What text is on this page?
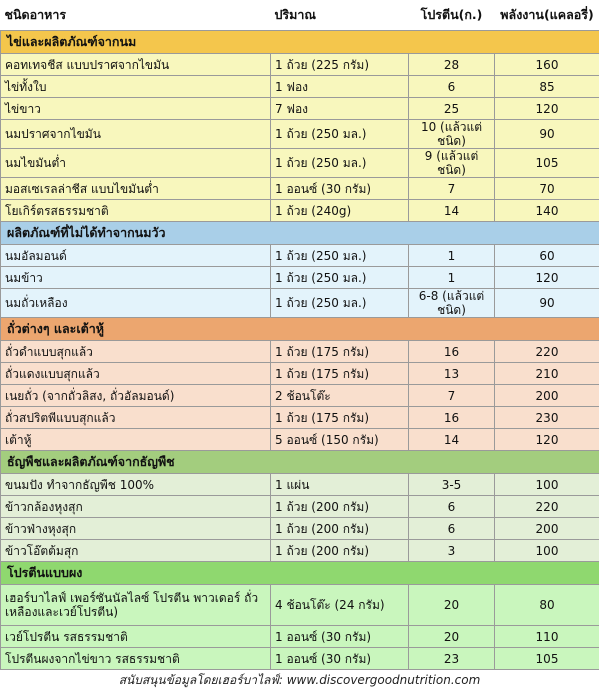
ชนิดอาหาร	ปริมาณ	โปรตีน(ก.)	พลังงาน(แคลอรี่)
ไข่และผลิตภัณฑ์จากนม			
คอทเทจชีส แบบปราศจากไขมัน	1 ถ้วย (225 กรัม)	28	160
ไข่ทั้งใบ	1 ฟอง	6	85
ไข่ขาว	7 ฟอง	25	120
นมปราศจากไขมัน	1 ถ้วย (250 มล.)	10 (แล้วแต่ชนิด)	90
นมไขมันต่ำ	1 ถ้วย (250 มล.)	9 (แล้วแต่ชนิด)	105
มอสเซเรลล่าชีส แบบไขมันต่ำ	1 ออนซ์ (30 กรัม)	7	70
โยเกิร์ตรสธรรมชาติ	1 ถ้วย (240g)	14	140
ผลิตภัณฑ์ที่ไม่ได้ทำจากนมวัว			
นมอัลมอนด์	1 ถ้วย (250 มล.)	1	60
นมข้าว	1 ถ้วย (250 มล.)	1	120
นมถั่วเหลือง	1 ถ้วย (250 มล.)	6-8 (แล้วแต่ชนิด)	90
ถั่วต่างๆ และเต้าหู้			
ถั่วดำแบบสุกแล้ว	1 ถ้วย (175 กรัม)	16	220
ถั่วแดงแบบสุกแล้ว	1 ถ้วย (175 กรัม)	13	210
เนยถั่ว (จากถั่วลิสง, ถั่วอัลมอนด์)	2 ช้อนโต๊ะ	7	200
ถั่วสปริตพีแบบสุกแล้ว	1 ถ้วย (175 กรัม)	16	230
เต้าหู้	5 ออนซ์ (150 กรัม)	14	120
ธัญพืชและผลิตภัณฑ์จากธัญพืช			
ขนมปัง ทำจากธัญพืช 100%	1 แผ่น	3-5	100
ข้าวกล้องหุงสุก	1 ถ้วย (200 กรัม)	6	220
ข้าวฟ่างหุงสุก	1 ถ้วย (200 กรัม)	6	200
ข้าวโอ๊ตต้มสุก	1 ถ้วย (200 กรัม)	3	100
โปรตีนแบบผง			
เฮอร์บาไลฟ์ เพอร์ซันนัลไลซ์ โปรตีน พาวเดอร์ ถั่วเหลืองและเวย์โปรตีน)	4 ช้อนโต๊ะ (24 กรัม)	20	80
เวย์โปรตีน รสธรรมชาติ	1 ออนซ์ (30 กรัม)	20	110
โปรตีนผงจากไข่ขาว รสธรรมชาติ	1 ออนซ์ (30 กรัม)	23	105
สนับสนุนข้อมูลโดยเฮอร์บาไลฟ์: www.discovergoodnutrition.com
